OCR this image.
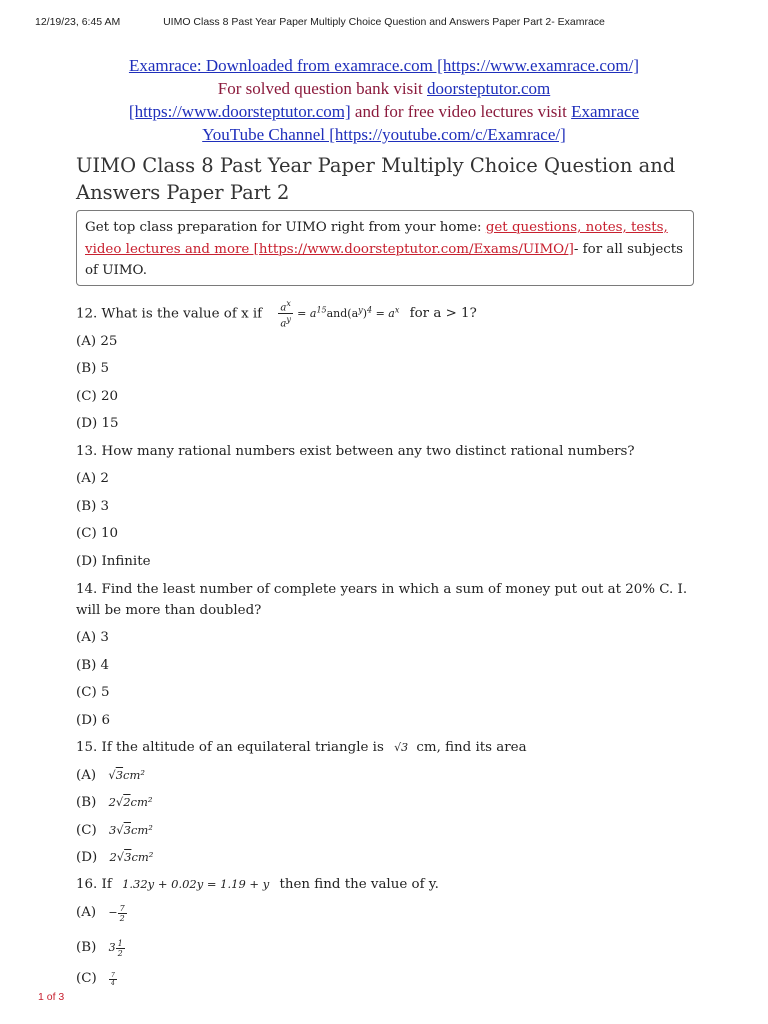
12/19/23, 6:45 AM	UIMO Class 8 Past Year Paper Multiply Choice Question and Answers Paper Part 2- Examrace
Examrace: Downloaded from examrace.com [https://www.examrace.com/]
For solved question bank visit doorsteptutor.com
[https://www.doorsteptutor.com] and for free video lectures visit Examrace
YouTube Channel [https://youtube.com/c/Examrace/]
UIMO Class 8 Past Year Paper Multiply Choice Question and Answers Paper Part 2
Get top class preparation for UIMO right from your home: get questions, notes, tests, video lectures and more [https://www.doorsteptutor.com/Exams/UIMO/]- for all subjects of UIMO.
12. What is the value of x if $\frac{a^x}{a^y} = a^{15}and(a^y)^4 = a^x$ for a > 1?
(A) 25
(B) 5
(C) 20
(D) 15
13. How many rational numbers exist between any two distinct rational numbers?
(A) 2
(B) 3
(C) 10
(D) Infinite
14. Find the least number of complete years in which a sum of money put out at 20% C. I. will be more than doubled?
(A) 3
(B) 4
(C) 5
(D) 6
15. If the altitude of an equilateral triangle is √3 cm, find its area
(A) √3cm²
(B) 2√2cm²
(C) 3√3cm²
(D) 2√3cm²
16. If 1.32y + 0.02y = 1.19 + y then find the value of y.
$(A) - \frac{7}{2}$
(B) $3 \frac{1}{2}$
$(C) \frac{7}{4}$
1 of 3
